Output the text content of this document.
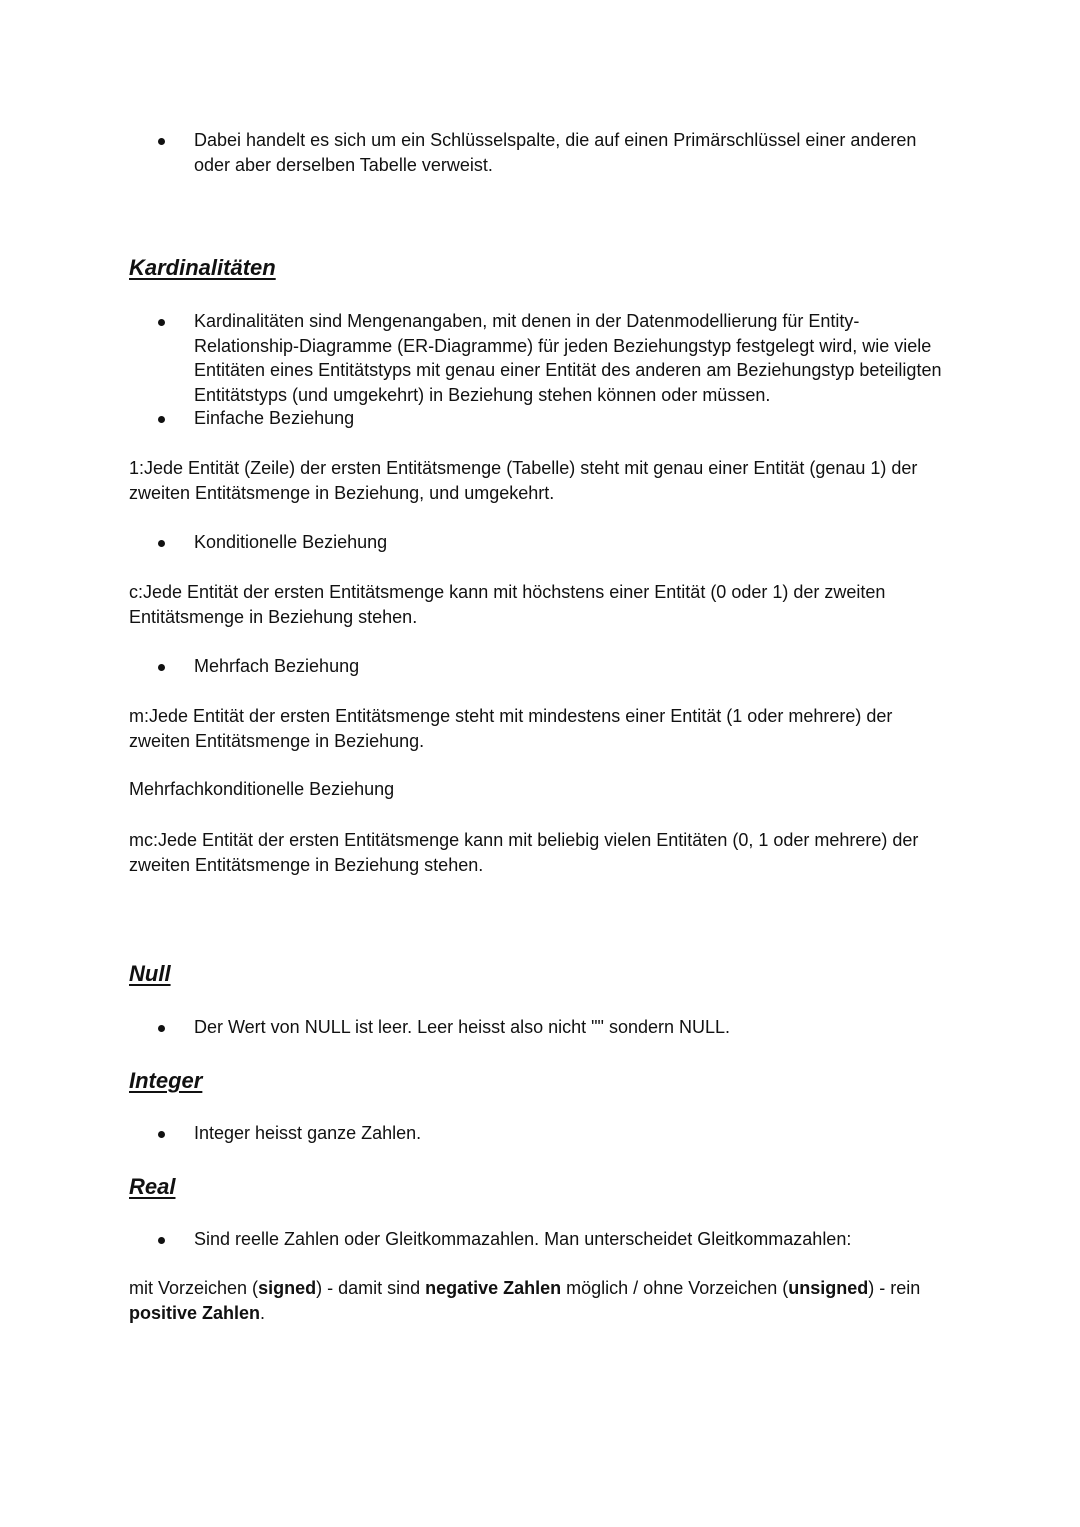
Dabei handelt es sich um ein Schlüsselspalte, die auf einen Primärschlüssel einer anderen oder aber derselben Tabelle verweist.
Kardinalitäten
Kardinalitäten sind Mengenangaben, mit denen in der Datenmodellierung für Entity-Relationship-Diagramme (ER-Diagramme) für jeden Beziehungstyp festgelegt wird, wie viele Entitäten eines Entitätstyps mit genau einer Entität des anderen am Beziehungstyp beteiligten Entitätstyps (und umgekehrt) in Beziehung stehen können oder müssen.
Einfache Beziehung
1:Jede Entität (Zeile) der ersten Entitätsmenge (Tabelle) steht mit genau einer Entität (genau 1) der zweiten Entitätsmenge in Beziehung, und umgekehrt.
Konditionelle Beziehung
c:Jede Entität der ersten Entitätsmenge kann mit höchstens einer Entität (0 oder 1) der zweiten Entitätsmenge in Beziehung stehen.
Mehrfach Beziehung
m:Jede Entität der ersten Entitätsmenge steht mit mindestens einer Entität (1 oder mehrere) der zweiten Entitätsmenge in Beziehung.
Mehrfachkonditionelle Beziehung
mc:Jede Entität der ersten Entitätsmenge kann mit beliebig vielen Entitäten (0, 1 oder mehrere) der zweiten Entitätsmenge in Beziehung stehen.
Null
Der Wert von NULL ist leer. Leer heisst also nicht "" sondern NULL.
Integer
Integer heisst ganze Zahlen.
Real
Sind reelle Zahlen oder Gleitkommazahlen. Man unterscheidet Gleitkommazahlen:
mit Vorzeichen (signed) - damit sind negative Zahlen möglich / ohne Vorzeichen (unsigned) - rein positive Zahlen.
